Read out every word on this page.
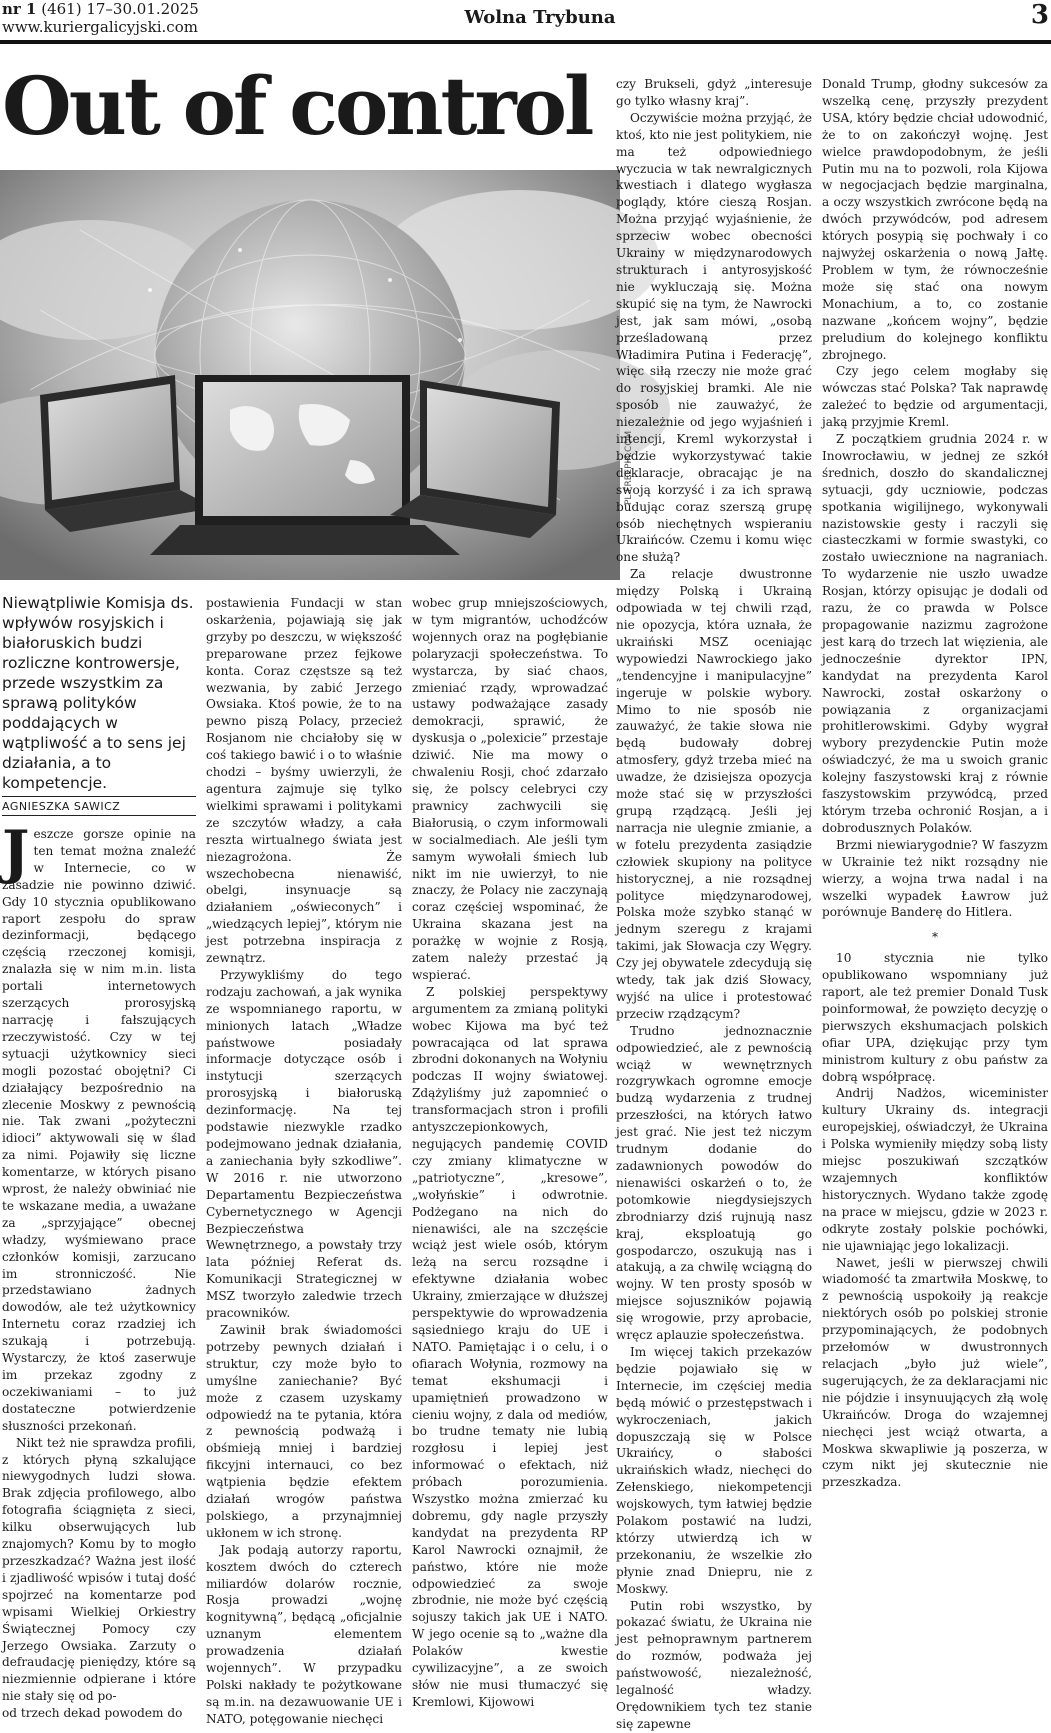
nr 1 (461) 17–30.01.2025
www.kuriergalicyjski.com	Wolna Trybuna	3
Out of control
PL.FREEPIK.COM
Niewątpliwie Komisja ds. wpływów rosyjskich i białoruskich budzi rozliczne kontrowersje, przede wszystkim za sprawą polityków poddających w wątpliwość a to sens jej działania, a to kompetencje.
AGNIESZKA SAWICZ

Jeszcze gorsze opinie na ten temat można znaleźć w Internecie, co w zasadzie nie powinno dziwić. Gdy 10 stycznia opublikowano raport zespołu do spraw dezinformacji, będącego częścią rzeczonej komisji, znalazła się w nim m.in. lista portali internetowych szerzących prorosyjską narrację i fałszujących rzeczywistość. Czy w tej sytuacji użytkownicy sieci mogli pozostać obojętni? Ci działający bezpośrednio na zlecenie Moskwy z pewnością nie. Tak zwani „pożyteczni idioci” aktywowali się w ślad za nimi. Pojawiły się liczne komentarze, w których pisano wprost, że należy obwiniać nie te wskazane media, a uważane za „sprzyjające” obecnej władzy, wyśmiewano prace członków komisji, zarzucano im stronniczość. Nie przedstawiano żadnych dowodów, ale też użytkownicy Internetu coraz rzadziej ich szukają i potrzebują. Wystarczy, że ktoś zaserwuje im przekaz zgodny z oczekiwaniami – to już dostateczne potwierdzenie słuszności przekonań.

Nikt też nie sprawdza profili, z których płyną szkalujące niewygodnych ludzi słowa. Brak zdjęcia profilowego, albo fotografia ściągnięta z sieci, kilku obserwujących lub znajomych? Komu by to mogło przeszkadzać? Ważna jest ilość i zjadliwość wpisów i tutaj dość spojrzeć na komentarze pod wpisami Wielkiej Orkiestry Świątecznej Pomocy czy Jerzego Owsiaka. Zarzuty o defraudację pieniędzy, które są niezmiennie odpierane i które nie stały się od po-

od trzech dekad powodem do

postawienia Fundacji w stan oskarżenia, pojawiają się jak grzyby po deszczu, w większość preparowane przez fejkowe konta. Coraz częstsze są też wezwania, by zabić Jerzego Owsiaka. Ktoś powie, że to na pewno piszą Polacy, przecież Rosjanom nie chciałoby się w coś takiego bawić i o to właśnie chodzi – byśmy uwierzyli, że agentura zajmuje się tylko wielkimi sprawami i politykami ze szczytów władzy, a cała reszta wirtualnego świata jest niezagrożona. Że wszechobecna nienawiść, obelgi, insynuacje są działaniem „oświeconych” i „wiedzących lepiej”, którym nie jest potrzebna inspiracja z zewnątrz.

Przywykliśmy do tego rodzaju zachowań, a jak wynika ze wspomnianego raportu, w minionych latach „Władze państwowe posiadały informacje dotyczące osób i instytucji szerzących prorosyjską i białoruską dezinformację. Na tej podstawie niezwykle rzadko podejmowano jednak działania, a zaniechania były szkodliwe”. W 2016 r. nie utworzono Departamentu Bezpieczeństwa Cybernetycznego w Agencji Bezpieczeństwa Wewnętrznego, a powstały trzy lata później Referat ds. Komunikacji Strategicznej w MSZ tworzyło zaledwie trzech pracowników.

Zawinił brak świadomości potrzeby pewnych działań i struktur, czy może było to umyślne zaniechanie? Być może z czasem uzyskamy odpowiedź na te pytania, która z pewnością podważą i obśmieją mniej i bardziej fikcyjni internauci, co bez wątpienia będzie efektem działań wrogów państwa polskiego, a przynajmniej ukłonem w ich stronę.

Jak podają autorzy raportu, kosztem dwóch do czterech miliardów dolarów rocznie, Rosja prowadzi „wojnę kognitywną”, będącą „oficjalnie uznanym elementem prowadzenia działań wojennych”. W przypadku Polski nakłady te pożytkowane są m.in. na dezawuowanie UE i NATO, potęgowanie niechęci

wobec grup mniejszościowych, w tym migrantów, uchodźców wojennych oraz na pogłębianie polaryzacji społeczeństwa. To wystarcza, by siać chaos, zmieniać rządy, wprowadzać ustawy podważające zasady demokracji, sprawić, że dyskusja o „polexicie” przestaje dziwić. Nie ma mowy o chwaleniu Rosji, choć zdarzało się, że polscy celebryci czy prawnicy zachwycili się Białorusią, o czym informowali w socialmediach. Ale jeśli tym samym wywołali śmiech lub nikt im nie uwierzył, to nie znaczy, że Polacy nie zaczynają coraz częściej wspominać, że Ukraina skazana jest na porażkę w wojnie z Rosją, zatem należy przestać ją wspierać.

Z polskiej perspektywy argumentem za zmianą polityki wobec Kijowa ma być też powracająca od lat sprawa zbrodni dokonanych na Wołyniu podczas II wojny światowej. Zdążyliśmy już zapomnieć o transformacjach stron i profili antyszczepionkowych, negujących pandemię COVID czy zmiany klimatyczne w „patriotyczne”, „kresowe”, „wołyńskie” i odwrotnie. Podżegano na nich do nienawiści, ale na szczęście wciąż jest wiele osób, którym leżą na sercu rozsądne i efektywne działania wobec Ukrainy, zmierzające w dłuższej perspektywie do wprowadzenia sąsiedniego kraju do UE i NATO. Pamiętając i o celu, i o ofiarach Wołynia, rozmowy na temat ekshumacji i upamiętnień prowadzono w cieniu wojny, z dala od mediów, bo trudne tematy nie lubią rozgłosu i lepiej jest informować o efektach, niż próbach porozumienia. Wszystko można zmierzać ku dobremu, gdy nagle przyszły kandydat na prezydenta RP Karol Nawrocki oznajmił, że państwo, które nie może odpowiedzieć za swoje zbrodnie, nie może być częścią sojuszy takich jak UE i NATO. W jego ocenie są to „ważne dla Polaków kwestie cywilizacyjne”, a ze swoich słów nie musi tłumaczyć się Kremlowi, Kijowowi

czy Brukseli, gdyż „interesuje go tylko własny kraj”.

Oczywiście można przyjąć, że ktoś, kto nie jest politykiem, nie ma też odpowiedniego wyczucia w tak newralgicznych kwestiach i dlatego wygłasza poglądy, które cieszą Rosjan. Można przyjąć wyjaśnienie, że sprzeciw wobec obecności Ukrainy w międzynarodowych strukturach i antyrosyjskość nie wykluczają się. Można skupić się na tym, że Nawrocki jest, jak sam mówi, „osobą prześladowaną przez Władimira Putina i Federację”, więc siłą rzeczy nie może grać do rosyjskiej bramki. Ale nie sposób nie zauważyć, że niezależnie od jego wyjaśnień i intencji, Kreml wykorzystał i będzie wykorzystywać takie deklaracje, obracając je na swoją korzyść i za ich sprawą budując coraz szerszą grupę osób niechętnych wspieraniu Ukraińców. Czemu i komu więc one służą?

Za relacje dwustronne między Polską i Ukrainą odpowiada w tej chwili rząd, nie opozycja, która uznała, że ukraiński MSZ oceniając wypowiedzi Nawrockiego jako „tendencyjne i manipulacyjne” ingeruje w polskie wybory. Mimo to nie sposób nie zauważyć, że takie słowa nie będą budowały dobrej atmosfery, gdyż trzeba mieć na uwadze, że dzisiejsza opozycja może stać się w przyszłości grupą rządzącą. Jeśli jej narracja nie ulegnie zmianie, a w fotelu prezydenta zasiądzie człowiek skupiony na polityce historycznej, a nie rozsądnej polityce międzynarodowej, Polska może szybko stanąć w jednym szeregu z krajami takimi, jak Słowacja czy Węgry. Czy jej obywatele zdecydują się wtedy, tak jak dziś Słowacy, wyjść na ulice i protestować przeciw rządzącym?

Trudno jednoznacznie odpowiedzieć, ale z pewnością wciąż w wewnętrznych rozgrywkach ogromne emocje budzą wydarzenia z trudnej przeszłości, na których łatwo jest grać. Nie jest też niczym trudnym dodanie do zadawnionych powodów do nienawiści oskarżeń o to, że potomkowie niegdysiejszych zbrodniarzy dziś rujnują nasz kraj, eksploatują go gospodarczo, oszukują nas i atakują, a za chwilę wciągną do wojny. W ten prosty sposób w miejsce sojuszników pojawią się wrogowie, przy aprobacie, wręcz aplauzie społeczeństwa.

Im więcej takich przekazów będzie pojawiało się w Internecie, im częściej media będą mówić o przestępstwach i wykroczeniach, jakich dopuszczają się w Polsce Ukraińcy, o słabości ukraińskich władz, niechęci do Zełenskiego, niekompetencji wojskowych, tym łatwiej będzie Polakom postawić na ludzi, którzy utwierdzą ich w przekonaniu, że wszelkie zło płynie znad Dniepru, nie z Moskwy.

Putin robi wszystko, by pokazać światu, że Ukraina nie jest pełnoprawnym partnerem do rozmów, podważa jej państwowość, niezależność, legalność władzy. Orędownikiem tych tez stanie się zapewne

Donald Trump, głodny sukcesów za wszelką cenę, przyszły prezydent USA, który będzie chciał udowodnić, że to on zakończył wojnę. Jest wielce prawdopodobnym, że jeśli Putin mu na to pozwoli, rola Kijowa w negocjacjach będzie marginalna, a oczy wszystkich zwrócone będą na dwóch przywódców, pod adresem których posypią się pochwały i co najwyżej oskarżenia o nową Jałtę. Problem w tym, że równocześnie może się stać ona nowym Monachium, a to, co zostanie nazwane „końcem wojny”, będzie preludium do kolejnego konfliktu zbrojnego.

Czy jego celem mogłaby się wówczas stać Polska? Tak naprawdę zależeć to będzie od argumentacji, jaką przyjmie Kreml.

Z początkiem grudnia 2024 r. w Inowrocławiu, w jednej ze szkół średnich, doszło do skandalicznej sytuacji, gdy uczniowie, podczas spotkania wigilijnego, wykonywali nazistowskie gesty i raczyli się ciasteczkami w formie swastyki, co zostało uwiecznione na nagraniach. To wydarzenie nie uszło uwadze Rosjan, którzy opisując je dodali od razu, że co prawda w Polsce propagowanie nazizmu zagrożone jest karą do trzech lat więzienia, ale jednocześnie dyrektor IPN, kandydat na prezydenta Karol Nawrocki, został oskarżony o powiązania z organizacjami prohitlerowskimi. Gdyby wygrał wybory prezydenckie Putin może oświadczyć, że ma u swoich granic kolejny faszystowski kraj z równie faszystowskim przywódcą, przed którym trzeba ochronić Rosjan, a i dobrodusznych Polaków.

Brzmi niewiarygodnie? W faszyzm w Ukrainie też nikt rozsądny nie wierzy, a wojna trwa nadal i na wszelki wypadek Ławrow już porównuje Banderę do Hitlera.

*

10 stycznia nie tylko opublikowano wspomniany już raport, ale też premier Donald Tusk poinformował, że powzięto decyzję o pierwszych ekshumacjach polskich ofiar UPA, dziękując przy tym ministrom kultury z obu państw za dobrą współpracę.

Andrij Nadżos, wiceminister kultury Ukrainy ds. integracji europejskiej, oświadczył, że Ukraina i Polska wymieniły między sobą listy miejsc poszukiwań szczątków wzajemnych konfliktów historycznych. Wydano także zgodę na prace w miejscu, gdzie w 2023 r. odkryte zostały polskie pochówki, nie ujawniając jego lokalizacji.

Nawet, jeśli w pierwszej chwili wiadomość ta zmartwiła Moskwę, to z pewnością uspokoiły ją reakcje niektórych osób po polskiej stronie przypominających, że podobnych przełomów w dwustronnych relacjach „było już wiele”, sugerujących, że za deklaracjami nic nie pójdzie i insynuujących złą wolę Ukraińców. Droga do wzajemnej niechęci jest wciąż otwarta, a Moskwa skwapliwie ją poszerza, w czym nikt jej skutecznie nie przeszkadza.
